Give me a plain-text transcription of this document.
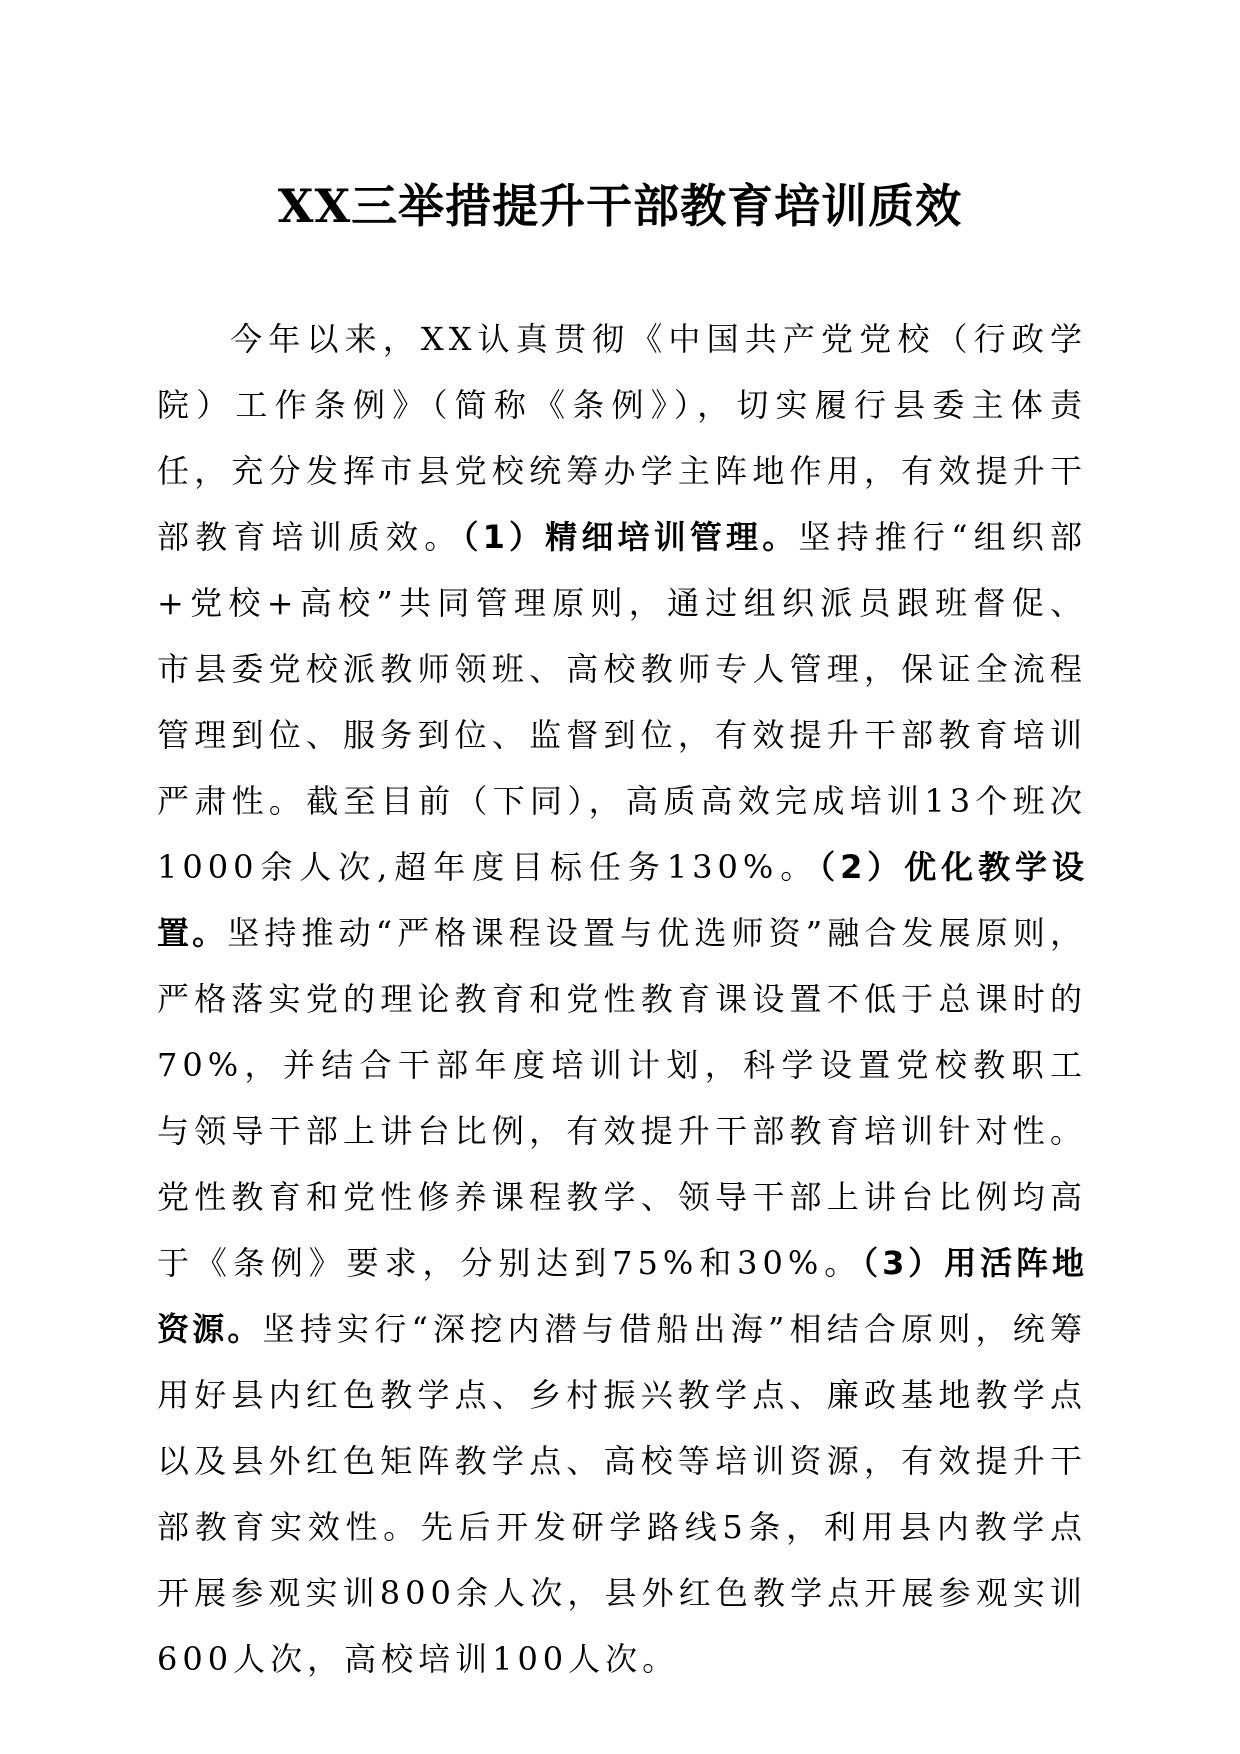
XX三举措提升干部教育培训质效

今年以来，XX认真贯彻《中国共产党党校（行政学院）工作条例》（简称《条例》），切实履行县委主体责任，充分发挥市县党校统筹办学主阵地作用，有效提升干部教育培训质效。（1）精细培训管理。坚持推行“组织部+党校+高校”共同管理原则，通过组织派员跟班督促、市县委党校派教师领班、高校教师专人管理，保证全流程管理到位、服务到位、监督到位，有效提升干部教育培训严肃性。截至目前（下同），高质高效完成培训13个班次1000余人次,超年度目标任务130%。（2）优化教学设置。坚持推动“严格课程设置与优选师资”融合发展原则，严格落实党的理论教育和党性教育课设置不低于总课时的70%，并结合干部年度培训计划，科学设置党校教职工与领导干部上讲台比例，有效提升干部教育培训针对性。党性教育和党性修养课程教学、领导干部上讲台比例均高于《条例》要求，分别达到75%和30%。（3）用活阵地资源。坚持实行“深挖内潜与借船出海”相结合原则，统筹用好县内红色教学点、乡村振兴教学点、廉政基地教学点以及县外红色矩阵教学点、高校等培训资源，有效提升干部教育实效性。先后开发研学路线5条，利用县内教学点开展参观实训800余人次，县外红色教学点开展参观实训600人次，高校培训100人次。
